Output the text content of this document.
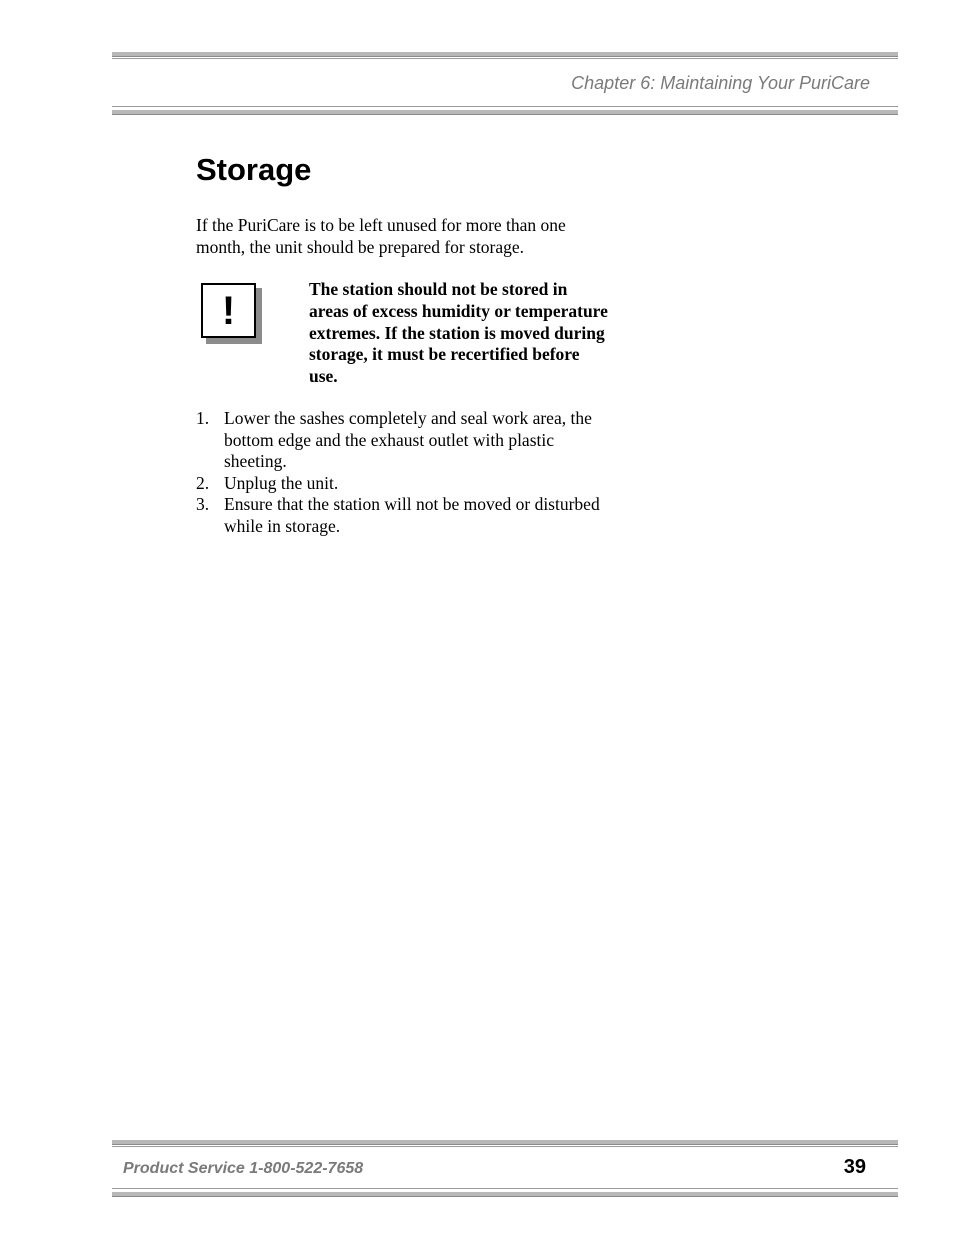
Chapter 6: Maintaining Your PuriCare
Storage

If the PuriCare is to be left unused for more than one month, the unit should be prepared for storage.

!	The station should not be stored in areas of excess humidity or temperature extremes. If the station is moved during storage, it must be recertified before use.

1. Lower the sashes completely and seal work area, the bottom edge and the exhaust outlet with plastic sheeting.
2. Unplug the unit.
3. Ensure that the station will not be moved or disturbed while in storage.
Product Service 1-800-522-7658	39
